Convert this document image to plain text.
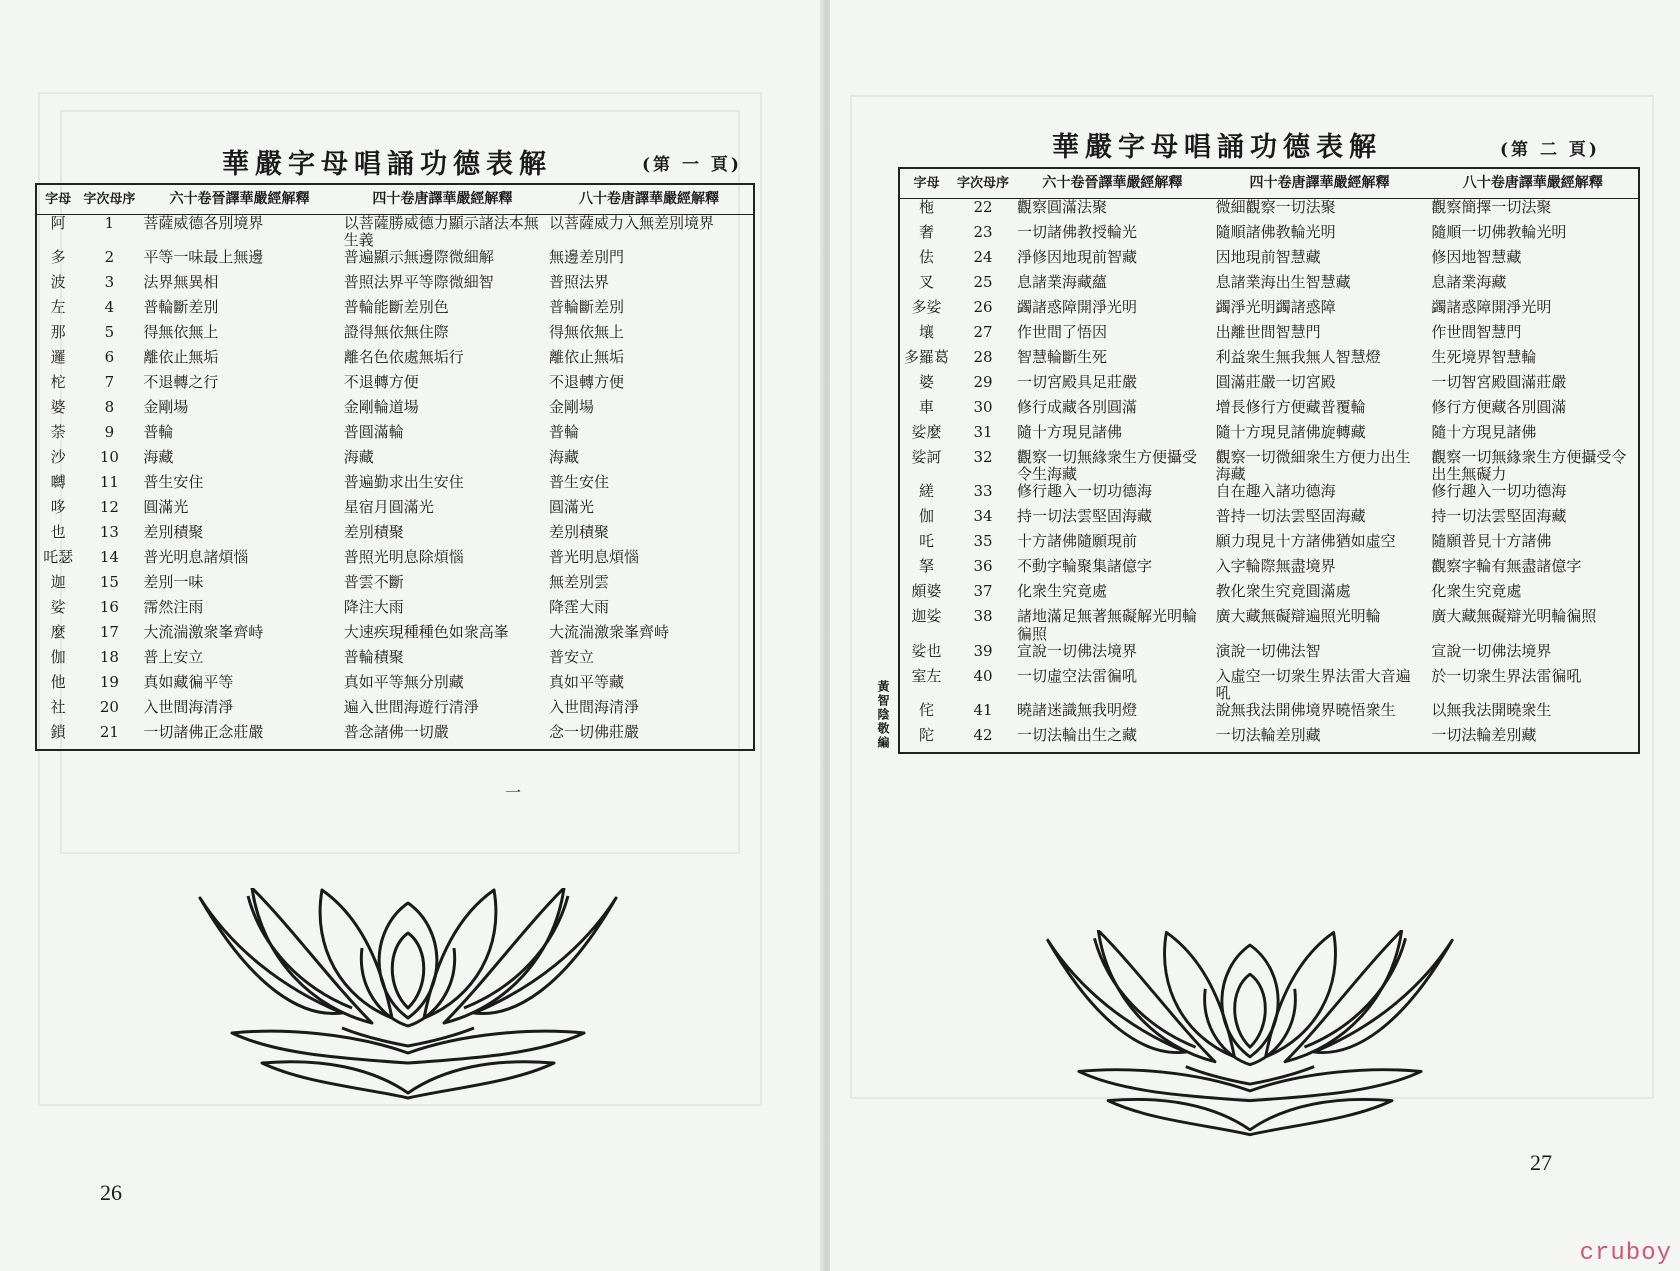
華嚴字母唱誦功德表解	(第 一 頁)
字母	字次母序	六十卷晉譯華嚴經解釋	四十卷唐譯華嚴經解釋	八十卷唐譯華嚴經解釋
阿	1	菩薩威德各別境界	以菩薩勝威德力顯示諸法本無生義	以菩薩威力入無差別境界
多	2	平等一味最上無邊	普遍顯示無邊際微細解	無邊差別門
波	3	法界無異相	普照法界平等際微細智	普照法界
左	4	普輪斷差別	普輪能斷差別色	普輪斷差別
那	5	得無依無上	證得無依無住際	得無依無上
邏	6	離依止無垢	離名色依處無垢行	離依止無垢
柁	7	不退轉之行	不退轉方便	不退轉方便
婆	8	金剛場	金剛輪道場	金剛場
荼	9	普輪	普圓滿輪	普輪
沙	10	海藏	海藏	海藏
嚩	11	普生安住	普遍勤求出生安住	普生安住
哆	12	圓滿光	星宿月圓滿光	圓滿光
也	13	差別積聚	差別積聚	差別積聚
吒瑟	14	普光明息諸煩惱	普照光明息除煩惱	普光明息煩惱
迦	15	差別一味	普雲不斷	無差別雲
娑	16	霈然注雨	降注大雨	降霔大雨
麼	17	大流湍激衆峯齊峙	大速疾現種種色如衆高峯	大流湍激衆峯齊峙
伽	18	普上安立	普輪積聚	普安立
他	19	真如藏徧平等	真如平等無分別藏	真如平等藏
社	20	入世間海清淨	遍入世間海遊行清淨	入世間海清淨
鎖	21	一切諸佛正念莊嚴	普念諸佛一切嚴	念一切佛莊嚴
一
26
華嚴字母唱誦功德表解	(第 二 頁)
字母	字次母序	六十卷晉譯華嚴經解釋	四十卷唐譯華嚴經解釋	八十卷唐譯華嚴經解釋
柂	22	觀察圓滿法聚	微細觀察一切法聚	觀察簡擇一切法聚
奢	23	一切諸佛教授輪光	隨順諸佛教輪光明	隨順一切佛教輪光明
佉	24	淨修因地現前智藏	因地現前智慧藏	修因地智慧藏
叉	25	息諸業海藏蘊	息諸業海出生智慧藏	息諸業海藏
多娑	26	蠲諸惑障開淨光明	蠲淨光明蠲諸惑障	蠲諸惑障開淨光明
壤	27	作世間了悟因	出離世間智慧門	作世間智慧門
多羅葛	28	智慧輪斷生死	利益衆生無我無人智慧燈	生死境界智慧輪
婆	29	一切宮殿具足莊嚴	圓滿莊嚴一切宮殿	一切智宮殿圓滿莊嚴
車	30	修行成藏各別圓滿	增長修行方便藏普覆輪	修行方便藏各別圓滿
娑麼	31	隨十方現見諸佛	隨十方現見諸佛旋轉藏	隨十方現見諸佛
娑訶	32	觀察一切無緣衆生方便攝受令生海藏	觀察一切微細衆生方便力出生海藏	觀察一切無緣衆生方便攝受令出生無礙力
縒	33	修行趣入一切功德海	自在趣入諸功德海	修行趣入一切功德海
伽	34	持一切法雲堅固海藏	普持一切法雲堅固海藏	持一切法雲堅固海藏
吒	35	十方諸佛隨願現前	願力現見十方諸佛猶如虛空	隨願普見十方諸佛
拏	36	不動字輪聚集諸億字	入字輪際無盡境界	觀察字輪有無盡諸億字
頗婆	37	化衆生究竟處	教化衆生究竟圓滿處	化衆生究竟處
迦娑	38	諸地滿足無著無礙解光明輪徧照	廣大藏無礙辯遍照光明輪	廣大藏無礙辯光明輪徧照
娑也	39	宣說一切佛法境界	演說一切佛法智	宣說一切佛法境界
室左	40	一切虛空法雷徧吼	入虛空一切衆生界法雷大音遍吼	於一切衆生界法雷徧吼
侘	41	曉諸迷識無我明燈	說無我法開佛境界曉悟衆生	以無我法開曉衆生
陀	42	一切法輪出生之藏	一切法輪差別藏	一切法輪差別藏
黃智陰敬編
27
cruboy
